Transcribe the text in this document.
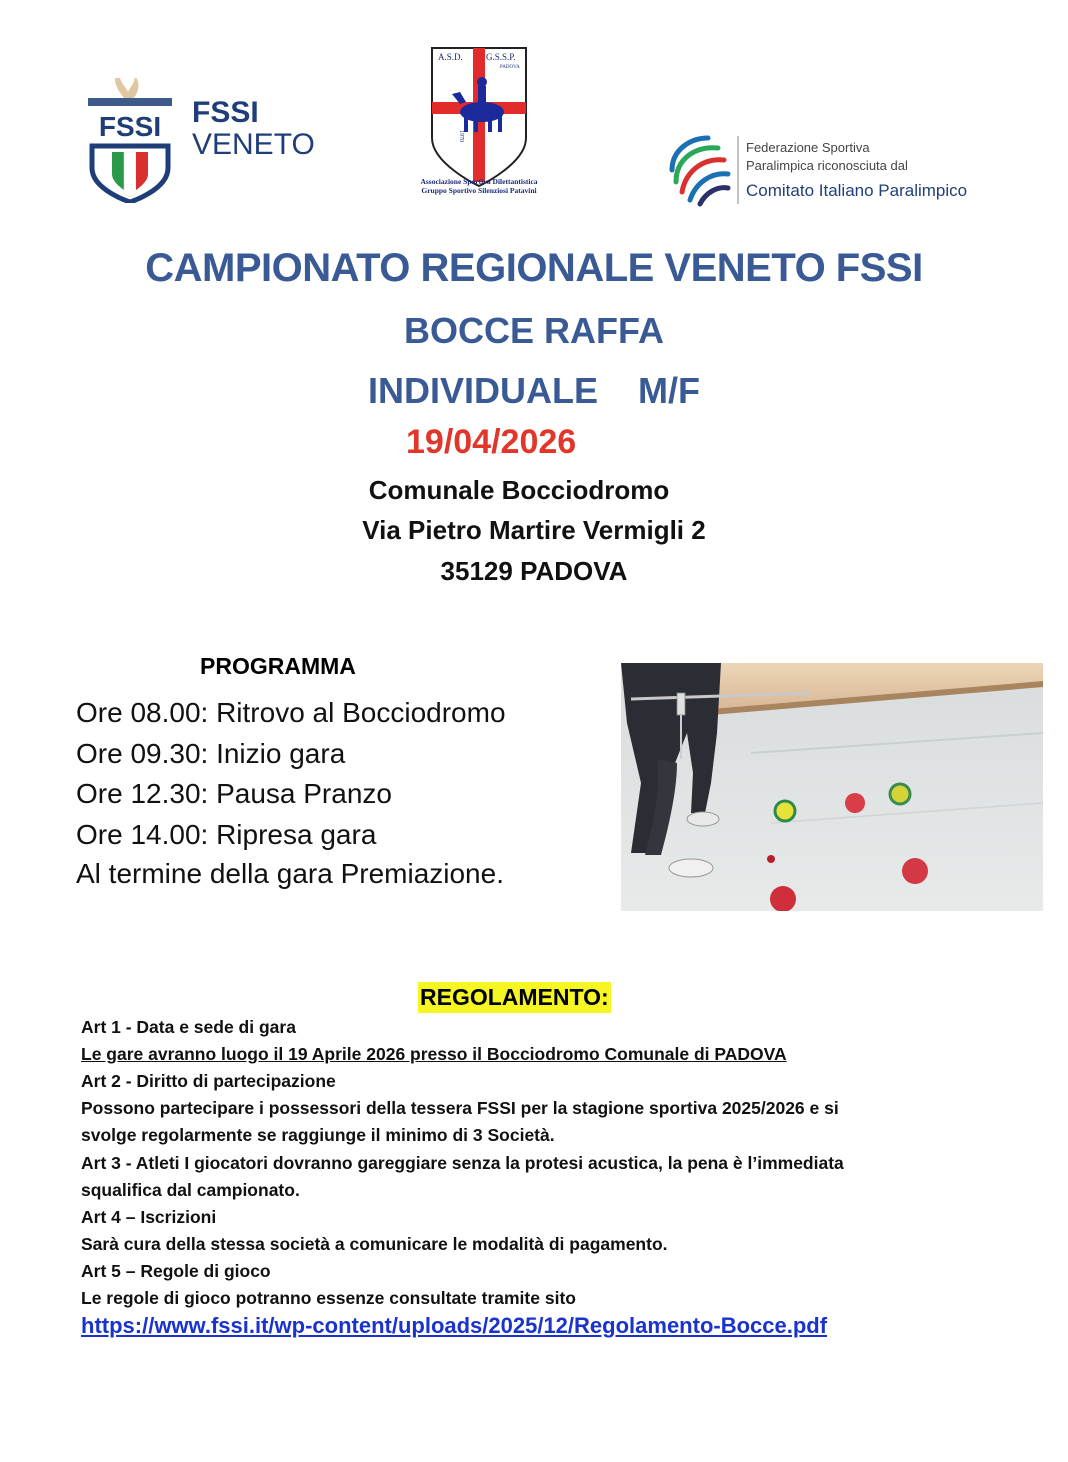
FSSI FSSI
VENETO
A.S.D.	G.S.S.P.
PADOVA
1970
Associazione Sportiva Dilettantistica
Gruppo Sportivo Silenziosi Patavini
Federazione Sportiva
Paralimpica riconosciuta dal
Comitato Italiano Paralimpico
CAMPIONATO REGIONALE VENETO FSSI
BOCCE RAFFA
INDIVIDUALE M/F
19/04/2026
Comunale Bocciodromo
Via Pietro Martire Vermigli 2
35129 PADOVA
PROGRAMMA
Ore 08.00: Ritrovo al Bocciodromo
Ore 09.30: Inizio gara
Ore 12.30: Pausa Pranzo
Ore 14.00: Ripresa gara
Al termine della gara Premiazione.
REGOLAMENTO:
Art 1 - Data e sede di gara
Le gare avranno luogo il 19 Aprile 2026 presso il Bocciodromo Comunale di PADOVA
Art 2 - Diritto di partecipazione
Possono partecipare i possessori della tessera FSSI per la stagione sportiva 2025/2026 e si
svolge regolarmente se raggiunge il minimo di 3 Società.
Art 3 - Atleti I giocatori dovranno gareggiare senza la protesi acustica, la pena è l’immediata
squalifica dal campionato.
Art 4 – Iscrizioni
Sarà cura della stessa società a comunicare le modalità di pagamento.
Art 5 – Regole di gioco
Le regole di gioco potranno essenze consultate tramite sito
https://www.fssi.it/wp-content/uploads/2025/12/Regolamento-Bocce.pdf
